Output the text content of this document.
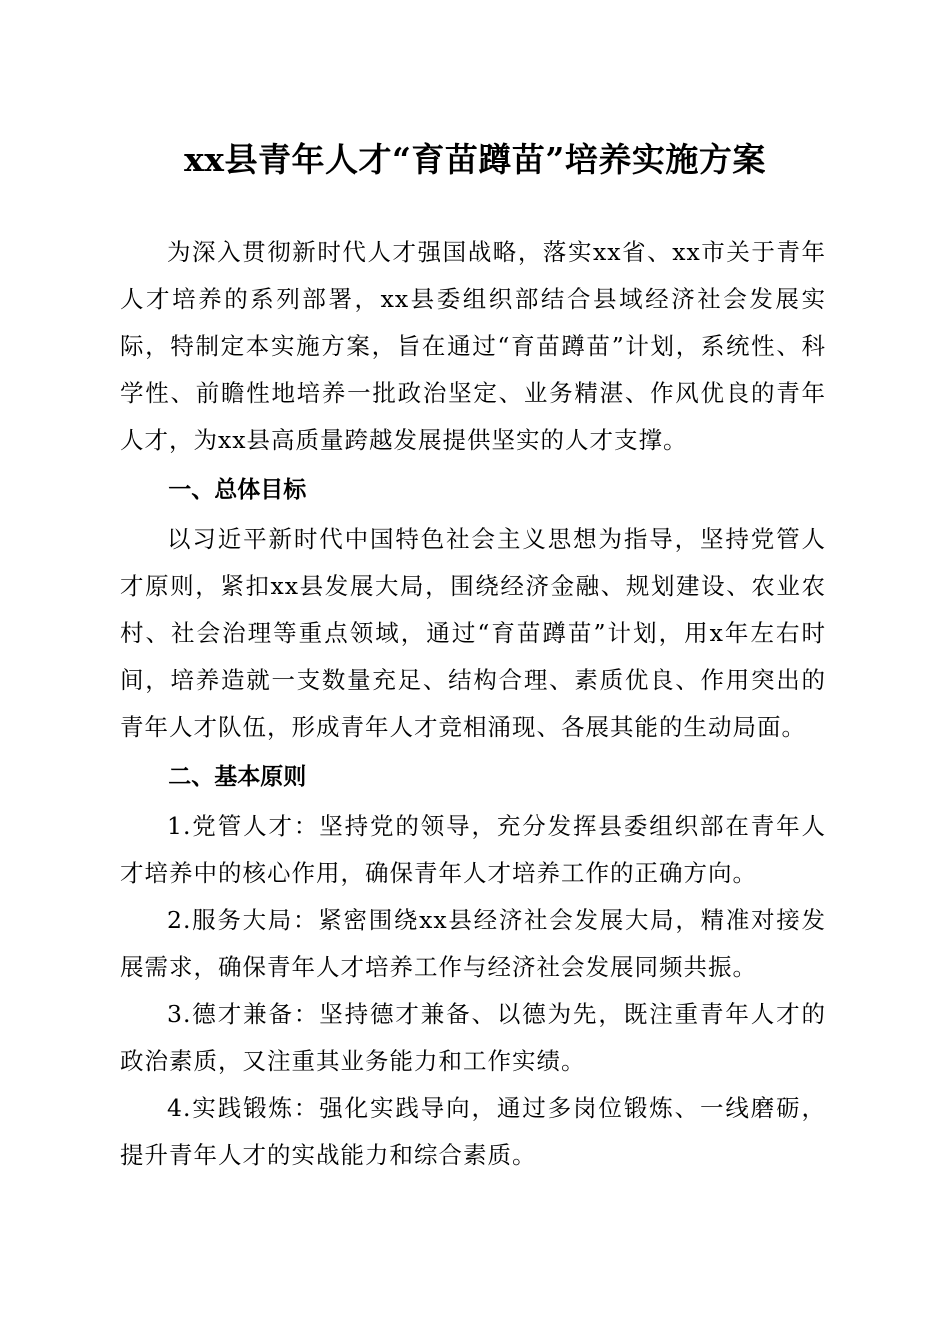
xx县青年人才“育苗蹲苗”培养实施方案

为深入贯彻新时代人才强国战略，落实xx省、xx市关于青年人才培养的系列部署，xx县委组织部结合县域经济社会发展实际，特制定本实施方案，旨在通过“育苗蹲苗”计划，系统性、科学性、前瞻性地培养一批政治坚定、业务精湛、作风优良的青年人才，为xx县高质量跨越发展提供坚实的人才支撑。

一、总体目标

以习近平新时代中国特色社会主义思想为指导，坚持党管人才原则，紧扣xx县发展大局，围绕经济金融、规划建设、农业农村、社会治理等重点领域，通过“育苗蹲苗”计划，用x年左右时间，培养造就一支数量充足、结构合理、素质优良、作用突出的青年人才队伍，形成青年人才竞相涌现、各展其能的生动局面。

二、基本原则

1.党管人才：坚持党的领导，充分发挥县委组织部在青年人才培养中的核心作用，确保青年人才培养工作的正确方向。

2.服务大局：紧密围绕xx县经济社会发展大局，精准对接发展需求，确保青年人才培养工作与经济社会发展同频共振。

3.德才兼备：坚持德才兼备、以德为先，既注重青年人才的政治素质，又注重其业务能力和工作实绩。

4.实践锻炼：强化实践导向，通过多岗位锻炼、一线磨砺，提升青年人才的实战能力和综合素质。
